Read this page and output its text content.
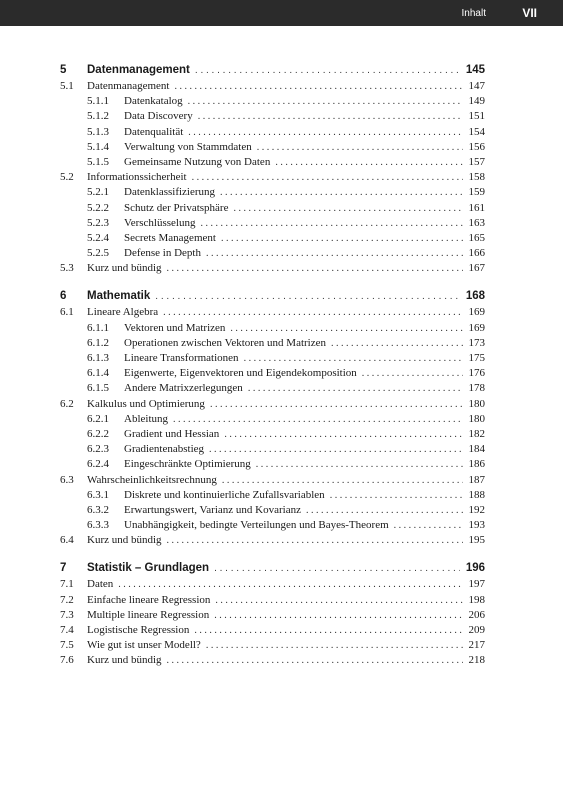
Inhalt	VII
5	Datenmanagement . . .	145
5.1	Datenmanagement . . .	147
5.1.1	Datenkatalog . . .	149
5.1.2	Data Discovery . . .	151
5.1.3	Datenqualität . . .	154
5.1.4	Verwaltung von Stammdaten . . .	156
5.1.5	Gemeinsame Nutzung von Daten . . .	157
5.2	Informationssicherheit . . .	158
5.2.1	Datenklassifizierung . . .	159
5.2.2	Schutz der Privatsphäre . . .	161
5.2.3	Verschlüsselung . . .	163
5.2.4	Secrets Management . . .	165
5.2.5	Defense in Depth . . .	166
5.3	Kurz und bündig . . .	167
6	Mathematik . . .	168
6.1	Lineare Algebra . . .	169
6.1.1	Vektoren und Matrizen . . .	169
6.1.2	Operationen zwischen Vektoren und Matrizen . . .	173
6.1.3	Lineare Transformationen . . .	175
6.1.4	Eigenwerte, Eigenvektoren und Eigendekomposition . . .	176
6.1.5	Andere Matrixzerlegungen . . .	178
6.2	Kalkulus und Optimierung . . .	180
6.2.1	Ableitung . . .	180
6.2.2	Gradient und Hessian . . .	182
6.2.3	Gradientenabstieg . . .	184
6.2.4	Eingeschränkte Optimierung . . .	186
6.3	Wahrscheinlichkeitsrechnung . . .	187
6.3.1	Diskrete und kontinuierliche Zufallsvariablen . . .	188
6.3.2	Erwartungswert, Varianz und Kovarianz . . .	192
6.3.3	Unabhängigkeit, bedingte Verteilungen und Bayes-Theorem . . .	193
6.4	Kurz und bündig . . .	195
7	Statistik – Grundlagen . . .	196
7.1	Daten . . .	197
7.2	Einfache lineare Regression . . .	198
7.3	Multiple lineare Regression . . .	206
7.4	Logistische Regression . . .	209
7.5	Wie gut ist unser Modell? . . .	217
7.6	Kurz und bündig . . .	218
